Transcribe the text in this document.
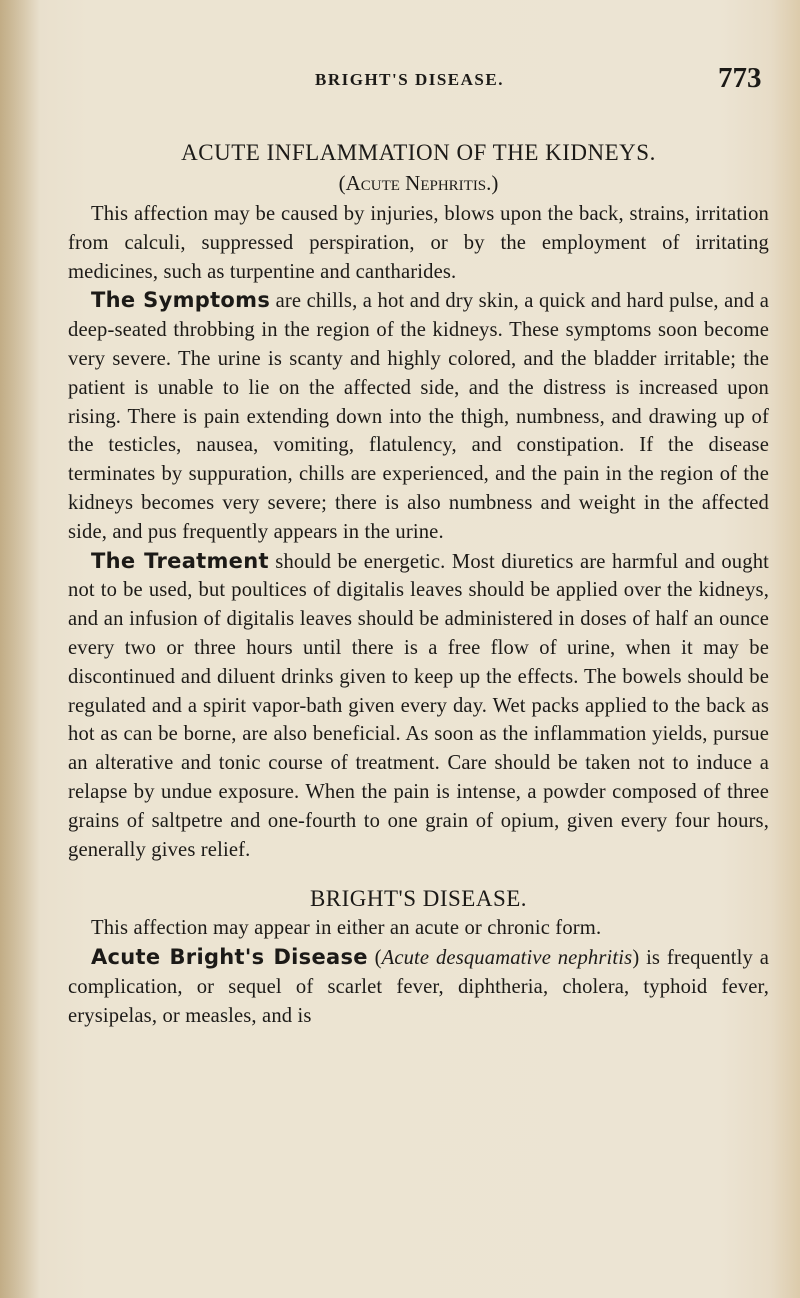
BRIGHT'S DISEASE.	773
ACUTE INFLAMMATION OF THE KIDNEYS.
(Acute Nephritis.)

This affection may be caused by injuries, blows upon the back, strains, irritation from calculi, suppressed perspiration, or by the employment of irritating medicines, such as turpentine and cantharides.

The Symptoms are chills, a hot and dry skin, a quick and hard pulse, and a deep-seated throbbing in the region of the kidneys. These symptoms soon become very severe. The urine is scanty and highly colored, and the bladder irritable; the patient is unable to lie on the affected side, and the distress is increased upon rising. There is pain extending down into the thigh, numbness, and drawing up of the testicles, nausea, vomiting, flatulency, and constipation. If the disease terminates by suppuration, chills are experienced, and the pain in the region of the kidneys becomes very severe; there is also numbness and weight in the affected side, and pus frequently appears in the urine.

The Treatment should be energetic. Most diuretics are harmful and ought not to be used, but poultices of digitalis leaves should be applied over the kidneys, and an infusion of digitalis leaves should be administered in doses of half an ounce every two or three hours until there is a free flow of urine, when it may be discontinued and diluent drinks given to keep up the effects. The bowels should be regulated and a spirit vapor-bath given every day. Wet packs applied to the back as hot as can be borne, are also beneficial. As soon as the inflammation yields, pursue an alterative and tonic course of treatment. Care should be taken not to induce a relapse by undue exposure. When the pain is intense, a powder composed of three grains of saltpetre and one-fourth to one grain of opium, given every four hours, generally gives relief.

BRIGHT'S DISEASE.

This affection may appear in either an acute or chronic form.

Acute Bright's Disease (Acute desquamative nephritis) is frequently a complication, or sequel of scarlet fever, diphtheria, cholera, typhoid fever, erysipelas, or measles, and is
